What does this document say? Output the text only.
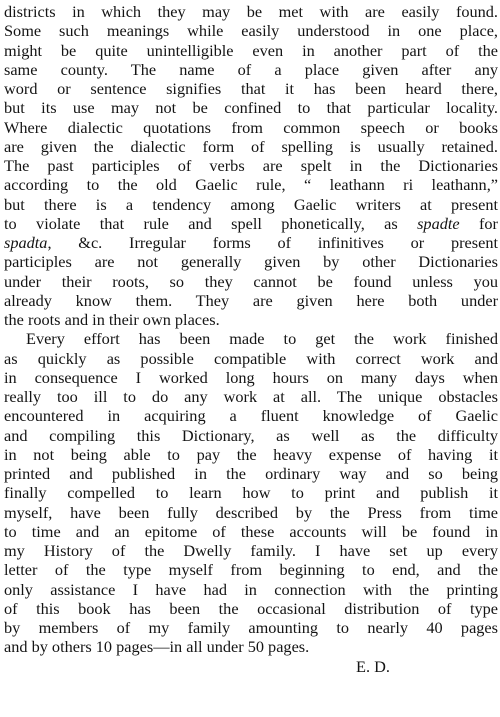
districts in which they may be met with are easily found.
Some such meanings while easily understood in one place,
might be quite unintelligible even in another part of the
same county. The name of a place given after any
word or sentence signifies that it has been heard there,
but its use may not be confined to that particular locality.
Where dialectic quotations from common speech or books
are given the dialectic form of spelling is usually retained.
The past participles of verbs are spelt in the Dictionaries
according to the old Gaelic rule, “ leathann ri leathann,”
but there is a tendency among Gaelic writers at present
to violate that rule and spell phonetically, as spadte for
spadta, &c. Irregular forms of infinitives or present
participles are not generally given by other Dictionaries
under their roots, so they cannot be found unless you
already know them. They are given here both under
the roots and in their own places.
Every effort has been made to get the work finished
as quickly as possible compatible with correct work and
in consequence I worked long hours on many days when
really too ill to do any work at all. The unique obstacles
encountered in acquiring a fluent knowledge of Gaelic
and compiling this Dictionary, as well as the difficulty
in not being able to pay the heavy expense of having it
printed and published in the ordinary way and so being
finally compelled to learn how to print and publish it
myself, have been fully described by the Press from time
to time and an epitome of these accounts will be found in
my History of the Dwelly family. I have set up every
letter of the type myself from beginning to end, and the
only assistance I have had in connection with the printing
of this book has been the occasional distribution of type
by members of my family amounting to nearly 40 pages
and by others 10 pages—in all under 50 pages.
E. D.
